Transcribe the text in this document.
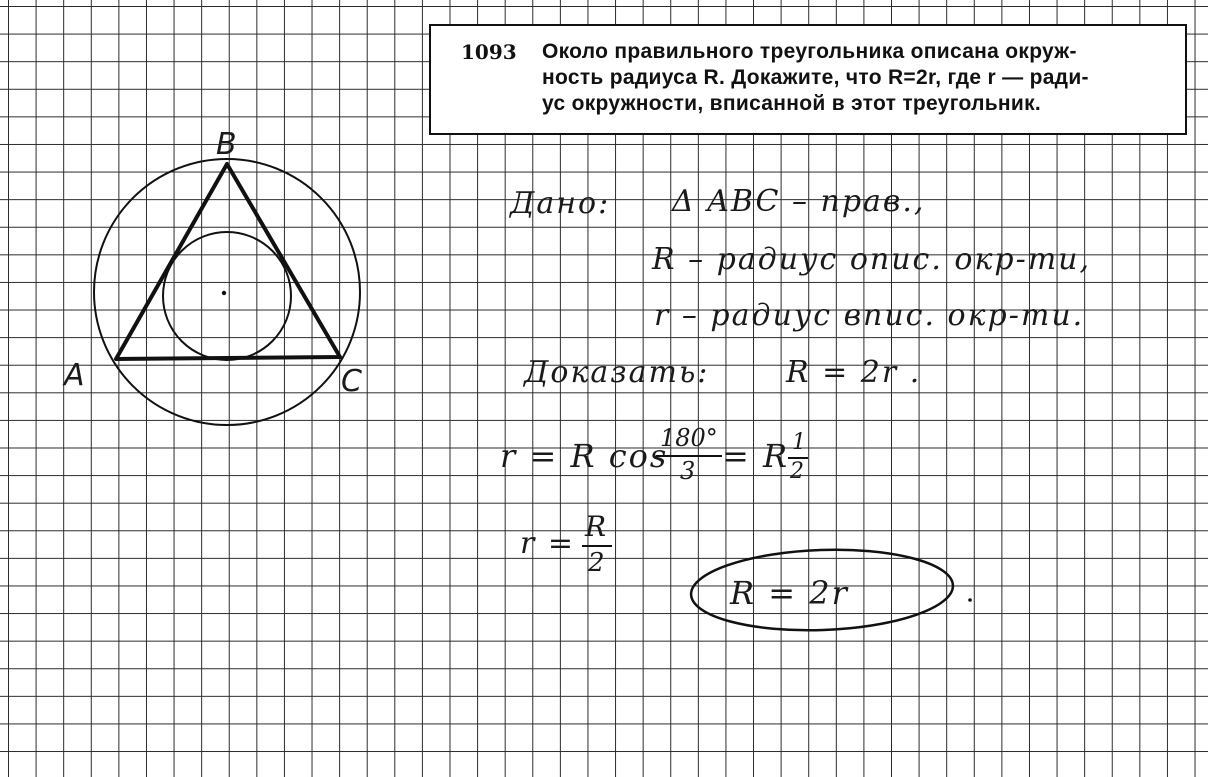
1093 Около правильного треугольника описана окруж-
ность радиуса R. Докажите, что R=2r, где r — ради-
ус окружности, вписанной в этот треугольник.
B
A	C
Дано: Δ ABC – прав.,
R – радиус опис. окр-ти,
r – радиус впис. окр-ти.
Доказать:	R = 2r .
r = R cos
180°
3 = R 1
2
r = R
2
R = 2r
